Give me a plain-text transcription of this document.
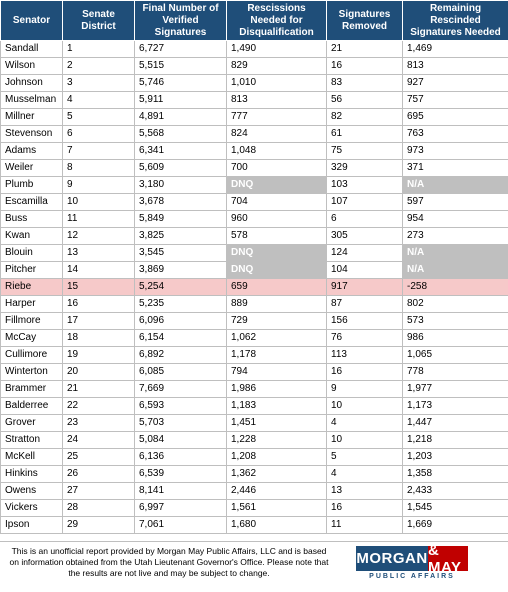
Senator	Senate District	Final Number of Verified Signatures	Rescissions Needed for Disqualification	Signatures Removed	Remaining Rescinded Signatures Needed
Sandall	1	6,727	1,490	21	1,469
Wilson	2	5,515	829	16	813
Johnson	3	5,746	1,010	83	927
Musselman	4	5,911	813	56	757
Millner	5	4,891	777	82	695
Stevenson	6	5,568	824	61	763
Adams	7	6,341	1,048	75	973
Weiler	8	5,609	700	329	371
Plumb	9	3,180	DNQ	103	N/A
Escamilla	10	3,678	704	107	597
Buss	11	5,849	960	6	954
Kwan	12	3,825	578	305	273
Blouin	13	3,545	DNQ	124	N/A
Pitcher	14	3,869	DNQ	104	N/A
Riebe	15	5,254	659	917	-258
Harper	16	5,235	889	87	802
Fillmore	17	6,096	729	156	573
McCay	18	6,154	1,062	76	986
Cullimore	19	6,892	1,178	113	1,065
Winterton	20	6,085	794	16	778
Brammer	21	7,669	1,986	9	1,977
Balderree	22	6,593	1,183	10	1,173
Grover	23	5,703	1,451	4	1,447
Stratton	24	5,084	1,228	10	1,218
McKell	25	6,136	1,208	5	1,203
Hinkins	26	6,539	1,362	4	1,358
Owens	27	8,141	2,446	13	2,433
Vickers	28	6,997	1,561	16	1,545
Ipson	29	7,061	1,680	11	1,669
This is an unofficial report provided by Morgan May Public Affairs, LLC and is based on information obtained from the Utah Lieutenant Governor's Office. Please note that the results are not live and may be subject to change.
MORGAN & MAY
PUBLIC AFFAIRS
